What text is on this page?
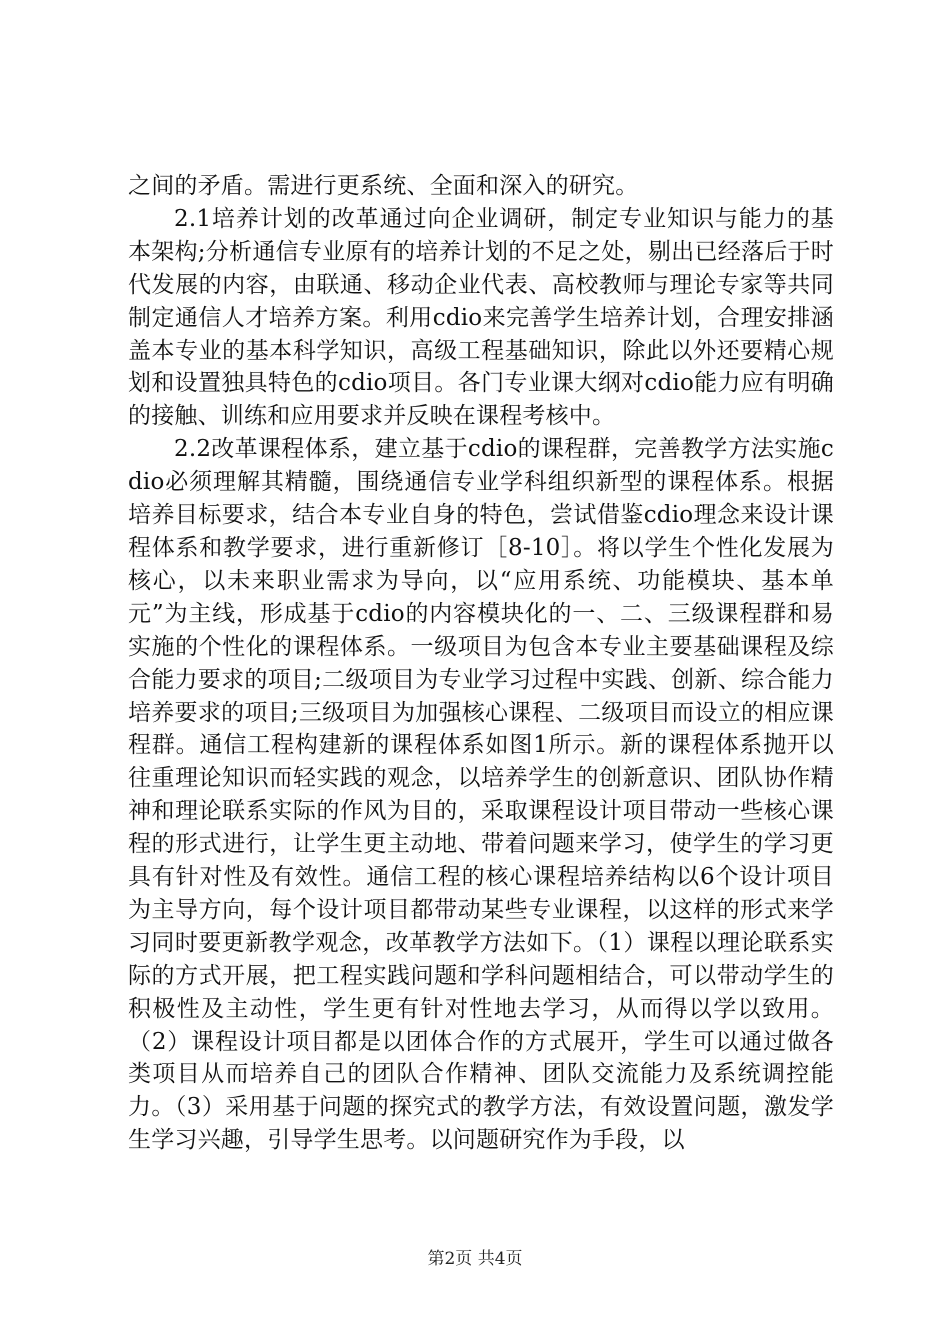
之间的矛盾。需进行更系统、全面和深入的研究。

2.1培养计划的改革通过向企业调研，制定专业知识与能力的基本架构;分析通信专业原有的培养计划的不足之处，剔出已经落后于时代发展的内容，由联通、移动企业代表、高校教师与理论专家等共同制定通信人才培养方案。利用cdio来完善学生培养计划，合理安排涵盖本专业的基本科学知识，高级工程基础知识，除此以外还要精心规划和设置独具特色的cdio项目。各门专业课大纲对cdio能力应有明确的接触、训练和应用要求并反映在课程考核中。

2.2改革课程体系，建立基于cdio的课程群，完善教学方法实施cdio必须理解其精髓，围绕通信专业学科组织新型的课程体系。根据培养目标要求，结合本专业自身的特色，尝试借鉴cdio理念来设计课程体系和教学要求，进行重新修订［8-10］。将以学生个性化发展为核心，以未来职业需求为导向，以“应用系统、功能模块、基本单元”为主线，形成基于cdio的内容模块化的一、二、三级课程群和易实施的个性化的课程体系。一级项目为包含本专业主要基础课程及综合能力要求的项目;二级项目为专业学习过程中实践、创新、综合能力培养要求的项目;三级项目为加强核心课程、二级项目而设立的相应课程群。通信工程构建新的课程体系如图1所示。新的课程体系抛开以往重理论知识而轻实践的观念，以培养学生的创新意识、团队协作精神和理论联系实际的作风为目的，采取课程设计项目带动一些核心课程的形式进行，让学生更主动地、带着问题来学习，使学生的学习更具有针对性及有效性。通信工程的核心课程培养结构以6个设计项目为主导方向，每个设计项目都带动某些专业课程，以这样的形式来学习同时要更新教学观念，改革教学方法如下。（1）课程以理论联系实际的方式开展，把工程实践问题和学科问题相结合，可以带动学生的积极性及主动性，学生更有针对性地去学习，从而得以学以致用。（2）课程设计项目都是以团体合作的方式展开，学生可以通过做各类项目从而培养自己的团队合作精神、团队交流能力及系统调控能力。（3）采用基于问题的探究式的教学方法，有效设置问题，激发学生学习兴趣，引导学生思考。以问题研究作为手段，以

第2页 共4页
